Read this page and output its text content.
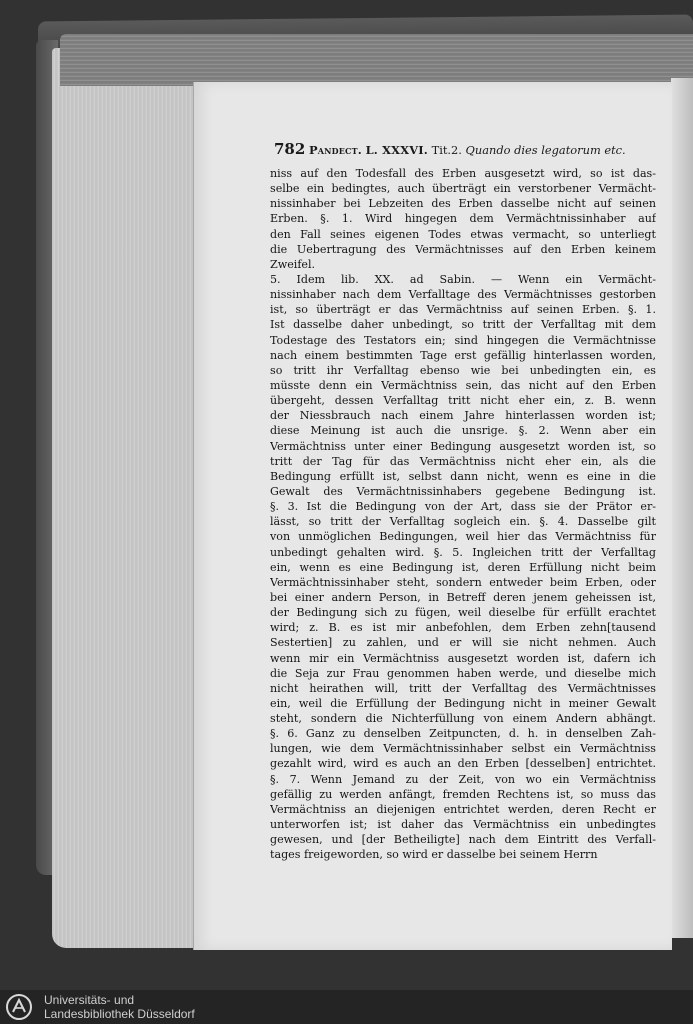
782 Pandect. L. XXXVI. Tit.2. Quando dies legatorum etc.
niss auf den Todesfall des Erben ausgesetzt wird, so ist das-
selbe ein bedingtes, auch überträgt ein verstorbener Vermächt-
nissinhaber bei Lebzeiten des Erben dasselbe nicht auf seinen
Erben. §. 1. Wird hingegen dem Vermächtnissinhaber auf
den Fall seines eigenen Todes etwas vermacht, so unterliegt
die Uebertragung des Vermächtnisses auf den Erben keinem
Zweifel.
5. Idem lib. XX. ad Sabin. — Wenn ein Vermächt-
nissinhaber nach dem Verfalltage des Vermächtnisses gestorben
ist, so überträgt er das Vermächtniss auf seinen Erben. §. 1.
Ist dasselbe daher unbedingt, so tritt der Verfalltag mit dem
Todestage des Testators ein; sind hingegen die Vermächtnisse
nach einem bestimmten Tage erst gefällig hinterlassen worden,
so tritt ihr Verfalltag ebenso wie bei unbedingten ein, es
müsste denn ein Vermächtniss sein, das nicht auf den Erben
übergeht, dessen Verfalltag tritt nicht eher ein, z. B. wenn
der Niessbrauch nach einem Jahre hinterlassen worden ist;
diese Meinung ist auch die unsrige. §. 2. Wenn aber ein
Vermächtniss unter einer Bedingung ausgesetzt worden ist, so
tritt der Tag für das Vermächtniss nicht eher ein, als die
Bedingung erfüllt ist, selbst dann nicht, wenn es eine in die
Gewalt des Vermächtnissinhabers gegebene Bedingung ist.
§. 3. Ist die Bedingung von der Art, dass sie der Prätor er-
lässt, so tritt der Verfalltag sogleich ein. §. 4. Dasselbe gilt
von unmöglichen Bedingungen, weil hier das Vermächtniss für
unbedingt gehalten wird. §. 5. Ingleichen tritt der Verfalltag
ein, wenn es eine Bedingung ist, deren Erfüllung nicht beim
Vermächtnissinhaber steht, sondern entweder beim Erben, oder
bei einer andern Person, in Betreff deren jenem geheissen ist,
der Bedingung sich zu fügen, weil dieselbe für erfüllt erachtet
wird; z. B. es ist mir anbefohlen, dem Erben zehn[tausend
Sestertien] zu zahlen, und er will sie nicht nehmen. Auch
wenn mir ein Vermächtniss ausgesetzt worden ist, dafern ich
die Seja zur Frau genommen haben werde, und dieselbe mich
nicht heirathen will, tritt der Verfalltag des Vermächtnisses
ein, weil die Erfüllung der Bedingung nicht in meiner Gewalt
steht, sondern die Nichterfüllung von einem Andern abhängt.
§. 6. Ganz zu denselben Zeitpuncten, d. h. in denselben Zah-
lungen, wie dem Vermächtnissinhaber selbst ein Vermächtniss
gezahlt wird, wird es auch an den Erben [desselben] entrichtet.
§. 7. Wenn Jemand zu der Zeit, von wo ein Vermächtniss
gefällig zu werden anfängt, fremden Rechtens ist, so muss das
Vermächtniss an diejenigen entrichtet werden, deren Recht er
unterworfen ist; ist daher das Vermächtniss ein unbedingtes
gewesen, und [der Betheiligte] nach dem Eintritt des Verfall-
tages freigeworden, so wird er dasselbe bei seinem Herrn
Universitäts- und
Landesbibliothek Düsseldorf
